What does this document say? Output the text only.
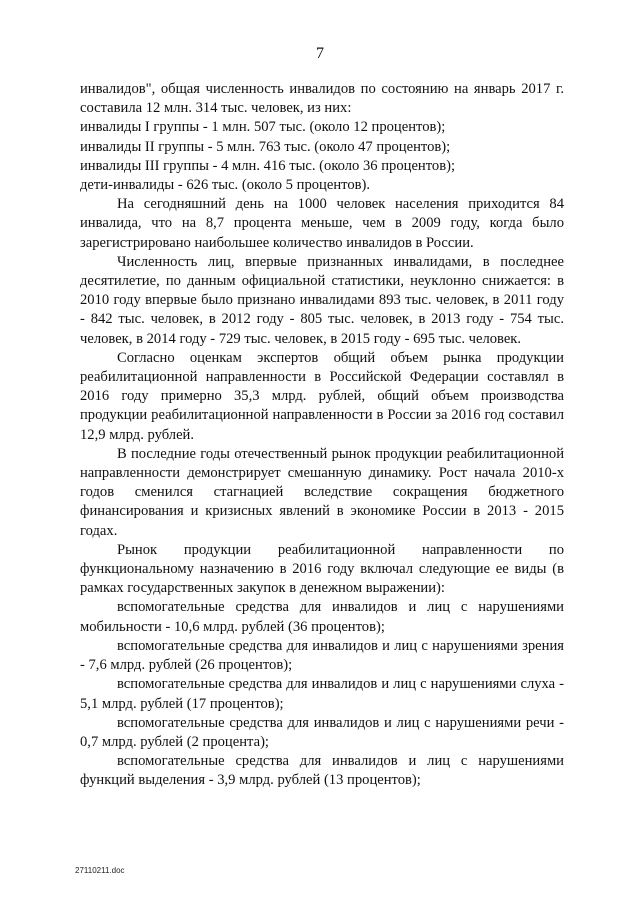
7

инвалидов", общая численность инвалидов по состоянию на январь 2017 г. составила 12 млн. 314 тыс. человек, из них:

инвалиды I группы - 1 млн. 507 тыс. (около 12 процентов);

инвалиды II группы - 5 млн. 763 тыс. (около 47 процентов);

инвалиды III группы - 4 млн. 416 тыс. (около 36 процентов);

дети-инвалиды - 626 тыс. (около 5 процентов).

На сегодняшний день на 1000 человек населения приходится 84 инвалида, что на 8,7 процента меньше, чем в 2009 году, когда было зарегистрировано наибольшее количество инвалидов в России.

Численность лиц, впервые признанных инвалидами, в последнее десятилетие, по данным официальной статистики, неуклонно снижается: в 2010 году впервые было признано инвалидами 893 тыс. человек, в 2011 году - 842 тыс. человек, в 2012 году - 805 тыс. человек, в 2013 году - 754 тыс. человек, в 2014 году - 729 тыс. человек, в 2015 году - 695 тыс. человек.

Согласно оценкам экспертов общий объем рынка продукции реабилитационной направленности в Российской Федерации составлял в 2016 году примерно 35,3 млрд. рублей, общий объем производства продукции реабилитационной направленности в России за 2016 год составил 12,9 млрд. рублей.

В последние годы отечественный рынок продукции реабилитационной направленности демонстрирует смешанную динамику. Рост начала 2010-х годов сменился стагнацией вследствие сокращения бюджетного финансирования и кризисных явлений в экономике России в 2013 - 2015 годах.

Рынок продукции реабилитационной направленности по функциональному назначению в 2016 году включал следующие ее виды (в рамках государственных закупок в денежном выражении):

вспомогательные средства для инвалидов и лиц с нарушениями мобильности - 10,6 млрд. рублей (36 процентов);

вспомогательные средства для инвалидов и лиц с нарушениями зрения - 7,6 млрд. рублей (26 процентов);

вспомогательные средства для инвалидов и лиц с нарушениями слуха - 5,1 млрд. рублей (17 процентов);

вспомогательные средства для инвалидов и лиц с нарушениями речи - 0,7 млрд. рублей (2 процента);

вспомогательные средства для инвалидов и лиц с нарушениями функций выделения - 3,9 млрд. рублей (13 процентов);

27110211.doc
